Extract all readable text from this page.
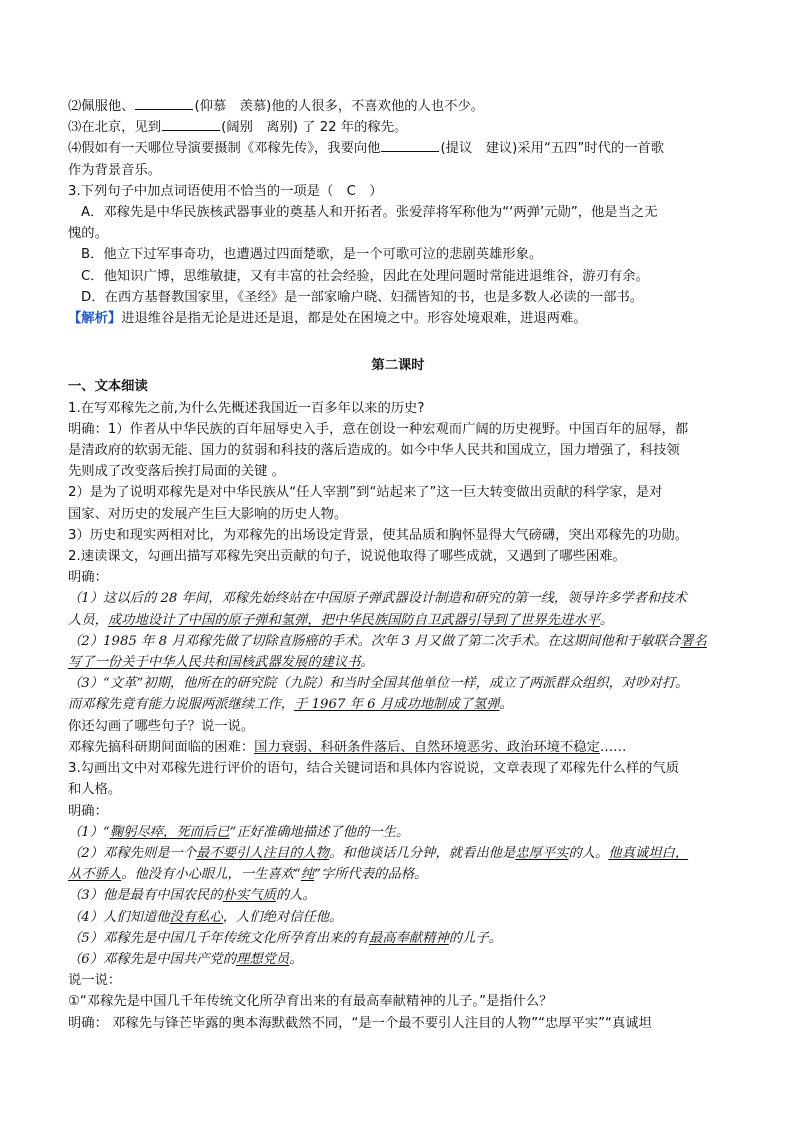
⑵佩服他、	(仰慕　羡慕)他的人很多，不喜欢他的人也不少。

⑶在北京，见到	(阔别　离别) 了 22 年的稼先。

⑷假如有一天哪位导演要摄制《邓稼先传》，我要向他	(提议　建议)采用“五四”时代的一首歌

作为背景音乐。

3.下列句子中加点词语使用不恰当的一项是（　C　）

A．邓稼先是中华民族核武器事业的奠基人和开拓者。张爱萍将军称他为“‘两弹’元勋”，他是当之无

愧的。

B．他立下过军事奇功，也遭遇过四面楚歌，是一个可歌可泣的悲剧英雄形象。

C．他知识广博，思维敏捷，又有丰富的社会经验，因此在处理问题时常能进退维谷，游刃有余。

D．在西方基督教国家里，《圣经》是一部家喻户晓、妇孺皆知的书，也是多数人必读的一部书。

【解析】进退维谷是指无论是进还是退，都是处在困境之中。形容处境艰难，进退两难。

第二课时

一、文本细读

1.在写邓稼先之前,为什么先概述我国近一百多年以来的历史?

明确：1）作者从中华民族的百年屈辱史入手，意在创设一种宏观而广阔的历史视野。中国百年的屈辱，都

是清政府的软弱无能、国力的贫弱和科技的落后造成的。如今中华人民共和国成立，国力增强了，科技领

先则成了改变落后挨打局面的关键 。

2）是为了说明邓稼先是对中华民族从“任人宰割”到“站起来了”这一巨大转变做出贡献的科学家，是对

国家、对历史的发展产生巨大影响的历史人物。

3）历史和现实两相对比，为邓稼先的出场设定背景，使其品质和胸怀显得大气磅礴，突出邓稼先的功勋。

2.速读课文，勾画出描写邓稼先突出贡献的句子，说说他取得了哪些成就，又遇到了哪些困难。

明确：

（1）这以后的 28 年间，邓稼先始终站在中国原子弹武器设计制造和研究的第一线，领导许多学者和技术

人员，成功地设计了中国的原子弹和氢弹，把中华民族国防自卫武器引导到了世界先进水平。

（2）1985 年 8 月邓稼先做了切除直肠癌的手术。次年 3 月又做了第二次手术。在这期间他和于敏联合署名

写了一份关于中华人民共和国核武器发展的建议书。

（3）“文革”初期，他所在的研究院（九院）和当时全国其他单位一样，成立了两派群众组织，对吵对打。

而邓稼先竟有能力说服两派继续工作，于 1967 年 6 月成功地制成了氢弹。

你还勾画了哪些句子？说一说。

邓稼先搞科研期间面临的困难：国力衰弱、科研条件落后、自然环境恶劣、政治环境不稳定……

3.勾画出文中对邓稼先进行评价的语句，结合关键词语和具体内容说说，文章表现了邓稼先什么样的气质

和人格。

明确：

（1）“鞠躬尽瘁，死而后已”正好准确地描述了他的一生。

（2）邓稼先则是一个最不要引人注目的人物。和他谈话几分钟，就看出他是忠厚平实的人。他真诚坦白，

从不骄人。他没有小心眼儿，一生喜欢“纯”字所代表的品格。

（3）他是最有中国农民的朴实气质的人。

（4）人们知道他没有私心，人们绝对信任他。

（5）邓稼先是中国几千年传统文化所孕育出来的有最高奉献精神的儿子。

（6）邓稼先是中国共产党的理想党员。

说一说：

①“邓稼先是中国几千年传统文化所孕育出来的有最高奉献精神的儿子。”是指什么？

明确： 邓稼先与锋芒毕露的奥本海默截然不同，“是一个最不要引人注目的人物”“忠厚平实”“真诚坦
